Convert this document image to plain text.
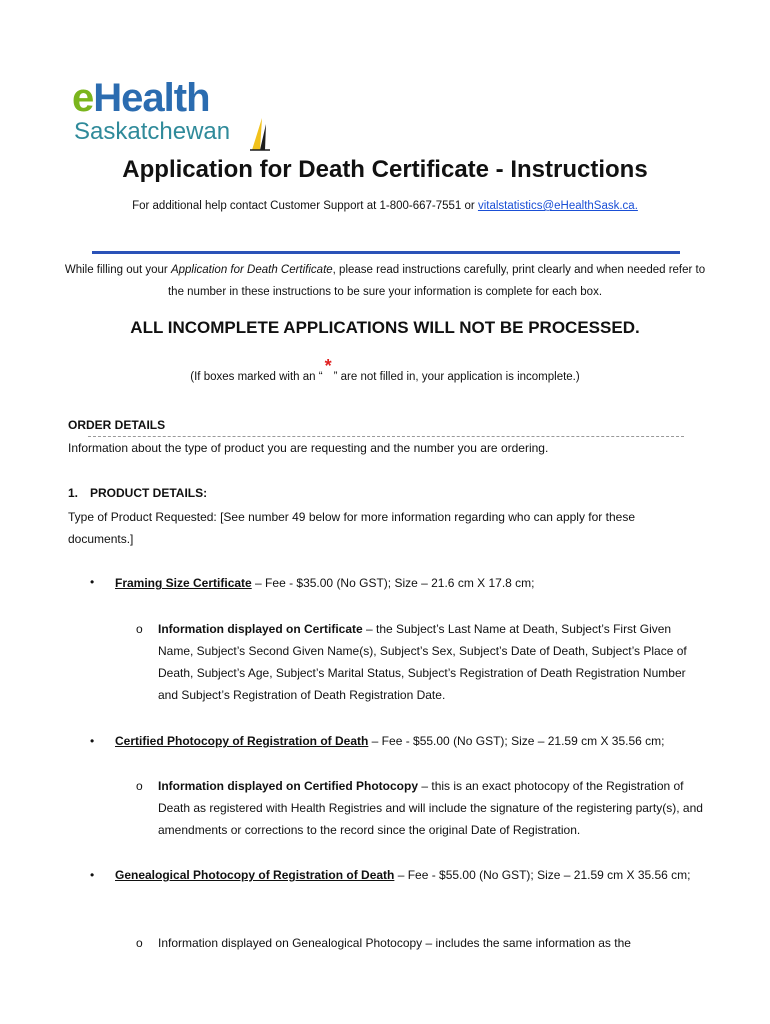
eHealth
Saskatchewan
Application for Death Certificate - Instructions
For additional help contact Customer Support at 1-800-667-7551 or vitalstatistics@eHealthSask.ca.
While filling out your Application for Death Certificate, please read instructions carefully, print clearly and when needed refer to the number in these instructions to be sure your information is complete for each box.
ALL INCOMPLETE APPLICATIONS WILL NOT BE PROCESSED.
(If boxes marked with an “*” are not filled in, your application is incomplete.)
ORDER DETAILS
Information about the type of product you are requesting and the number you are ordering.
1. PRODUCT DETAILS:
Type of Product Requested: [See number 49 below for more information regarding who can apply for these documents.]
• Framing Size Certificate – Fee - $35.00 (No GST); Size – 21.6 cm X 17.8 cm;
o Information displayed on Certificate – the Subject’s Last Name at Death, Subject’s First Given Name, Subject’s Second Given Name(s), Subject’s Sex, Subject’s Date of Death, Subject’s Place of Death, Subject’s Age, Subject’s Marital Status, Subject’s Registration of Death Registration Number and Subject’s Registration of Death Registration Date.
• Certified Photocopy of Registration of Death – Fee - $55.00 (No GST); Size – 21.59 cm X 35.56 cm;
o Information displayed on Certified Photocopy – this is an exact photocopy of the Registration of Death as registered with Health Registries and will include the signature of the registering party(s), and amendments or corrections to the record since the original Date of Registration.
• Genealogical Photocopy of Registration of Death – Fee - $55.00 (No GST); Size – 21.59 cm X 35.56 cm;
o Information displayed on Genealogical Photocopy – includes the same information as the
